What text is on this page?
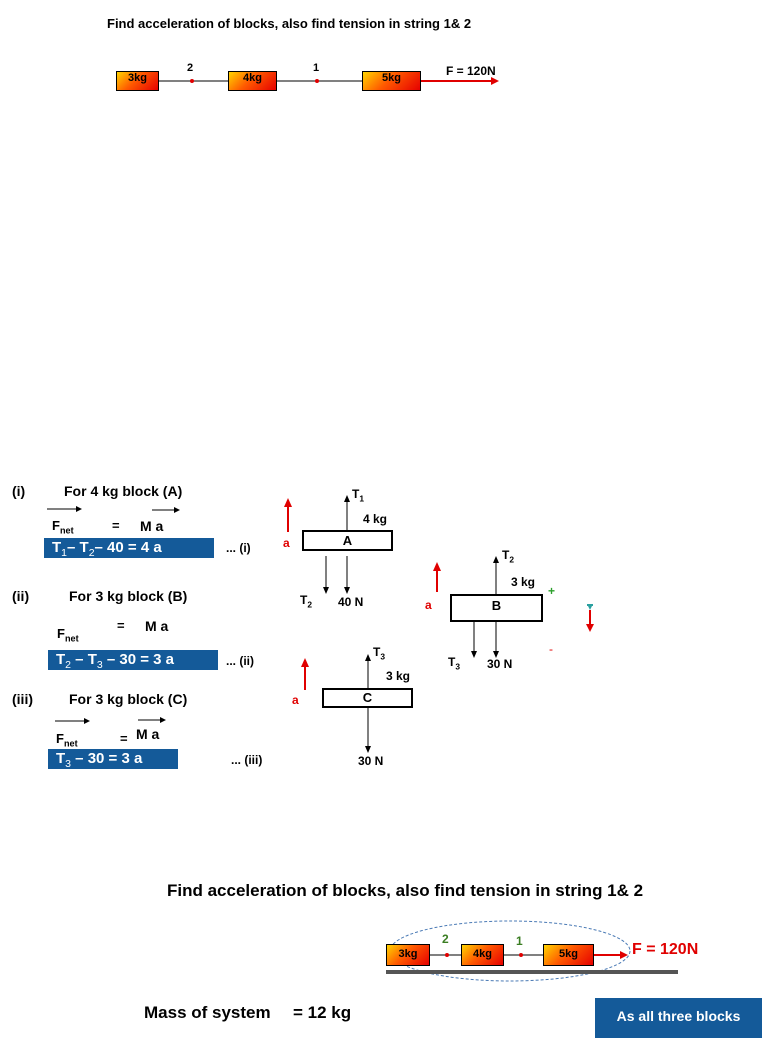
Find acceleration of blocks, also find tension in string 1& 2
3kg	4kg	5kg
2	1	F = 120N
(i)	For 4 kg block (A)
$F_{net}$	= M a
$T_1-$ $T_2-$ 40 = 4 a	... (i)
(ii)	For 3 kg block (B)
$F_{net}$
= M a
$T_2 - T_3 - 30 = 3$ a	... (ii)
(iii)	For 3 kg block (C)
$F_{net}$	= M a
$T_3 - 30 = 3$ a	... (iii)
A
4 kg
$T_1$
$T_2$ 40 N
a
B
3 kg
$T_2$
$T_3$ 30 N
a
+
-
C
3 kg
$T_3$
30 N
a
Find acceleration of blocks, also find tension in string 1& 2
3kg	4kg	5kg
2	1	F = 120N
Mass of system = 12 kg	As all three blocks
